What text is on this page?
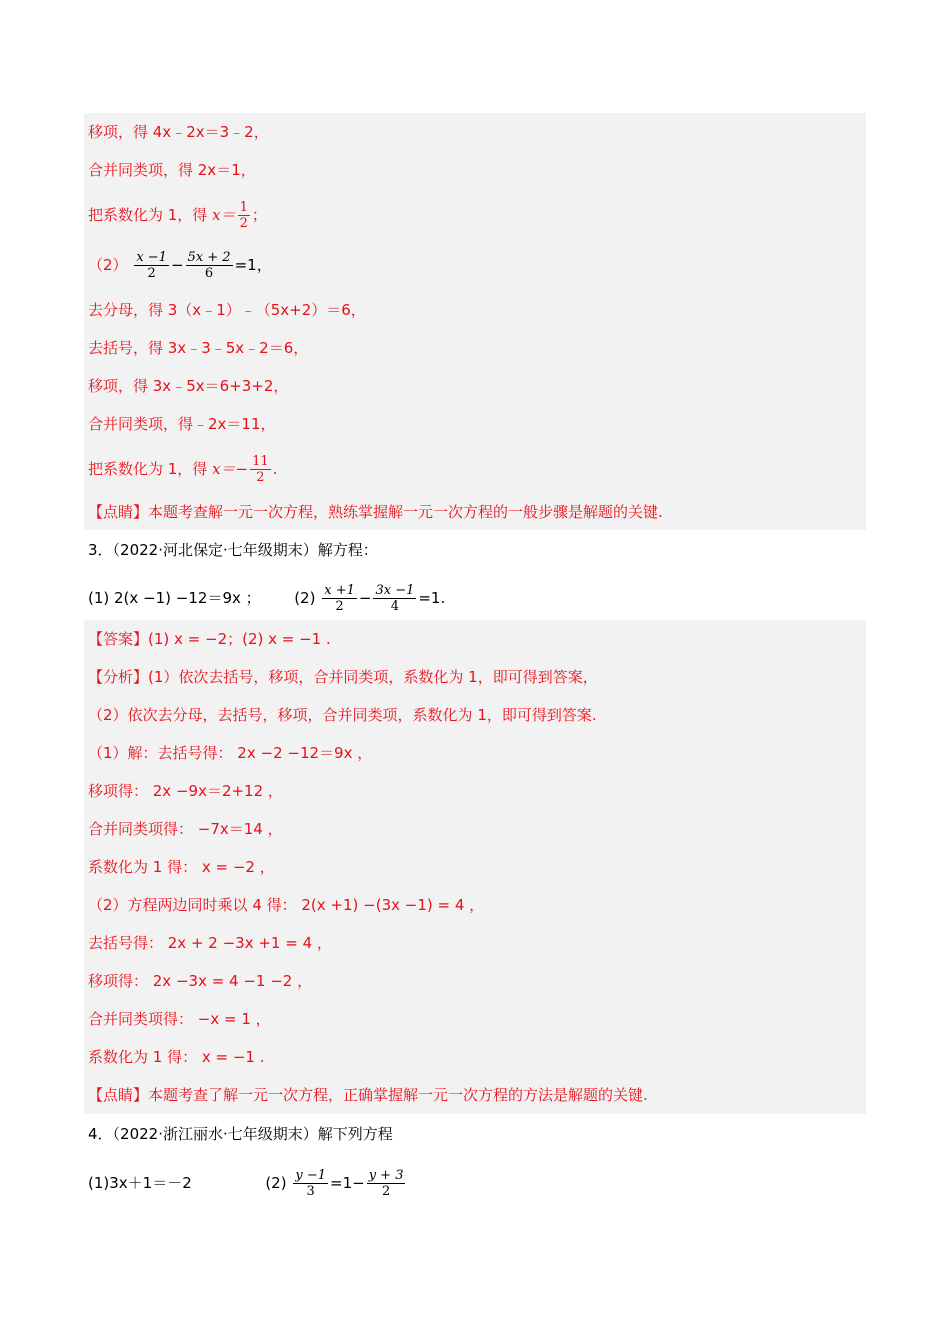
移项，得 4x﹣2x＝3﹣2，
合并同类项，得 2x＝1，
把系数化为 1，得 $x= \frac{1}{2}$ ；
$(2) \frac{x -1}{2} - \frac{5x + 2}{6} =1$，
去分母，得 3（x﹣1）﹣（5x+2）＝6，
去括号，得 3x﹣3﹣5x﹣2＝6，
移项，得 3x﹣5x＝6+3+2，
合并同类项，得﹣2x＝11，
把系数化为 1，得 $x=- \frac{11}{2}$ .
【点睛】本题考查解一元一次方程，熟练掌握解一元一次方程的一般步骤是解题的关键.
3．（2022·河北保定·七年级期末）解方程：
(1) 2(x −1) −12＝9x ； $(2) \frac{x +1}{2} - \frac{3x -1}{4} =1$.
【答案】(1) x = −2；(2) x = −1 .
【分析】(1）依次去括号，移项，合并同类项，系数化为 1，即可得到答案，
（2）依次去分母，去括号，移项，合并同类项，系数化为 1，即可得到答案.
（1）解：去括号得： 2x −2 −12＝9x ，
移项得： 2x −9x＝2+12 ，
合并同类项得： −7x＝14 ，
系数化为 1 得： x = −2 ，
（2）方程两边同时乘以 4 得： 2(x +1) −(3x −1) = 4 ，
去括号得： 2x + 2 −3x +1 = 4 ，
移项得： 2x −3x = 4 −1 −2 ，
合并同类项得： −x = 1 ，
系数化为 1 得： x = −1 .
【点睛】本题考查了解一元一次方程，正确掌握解一元一次方程的方法是解题的关键.
4．（2022·浙江丽水·七年级期末）解下列方程
(1)3x＋1＝－2	$(2) \frac{y -1}{3} =1- \frac{y + 3}{2}$
